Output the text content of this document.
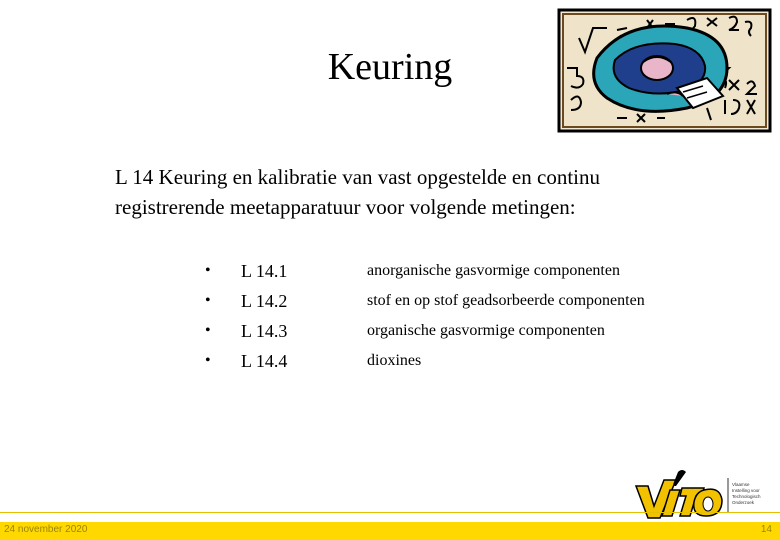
Keuring
L 14 Keuring en kalibratie van vast opgestelde en continu
registrerende meetapparatuur voor volgende metingen:
•	L 14.1	anorganische gasvormige componenten
•	L 14.2	stof en op stof geadsorbeerde componenten
•	L 14.3	organische gasvormige componenten
•	L 14.4	dioxines
Vlaamse
Instelling voor
Technologisch
Onderzoek
24 november 2020	14
